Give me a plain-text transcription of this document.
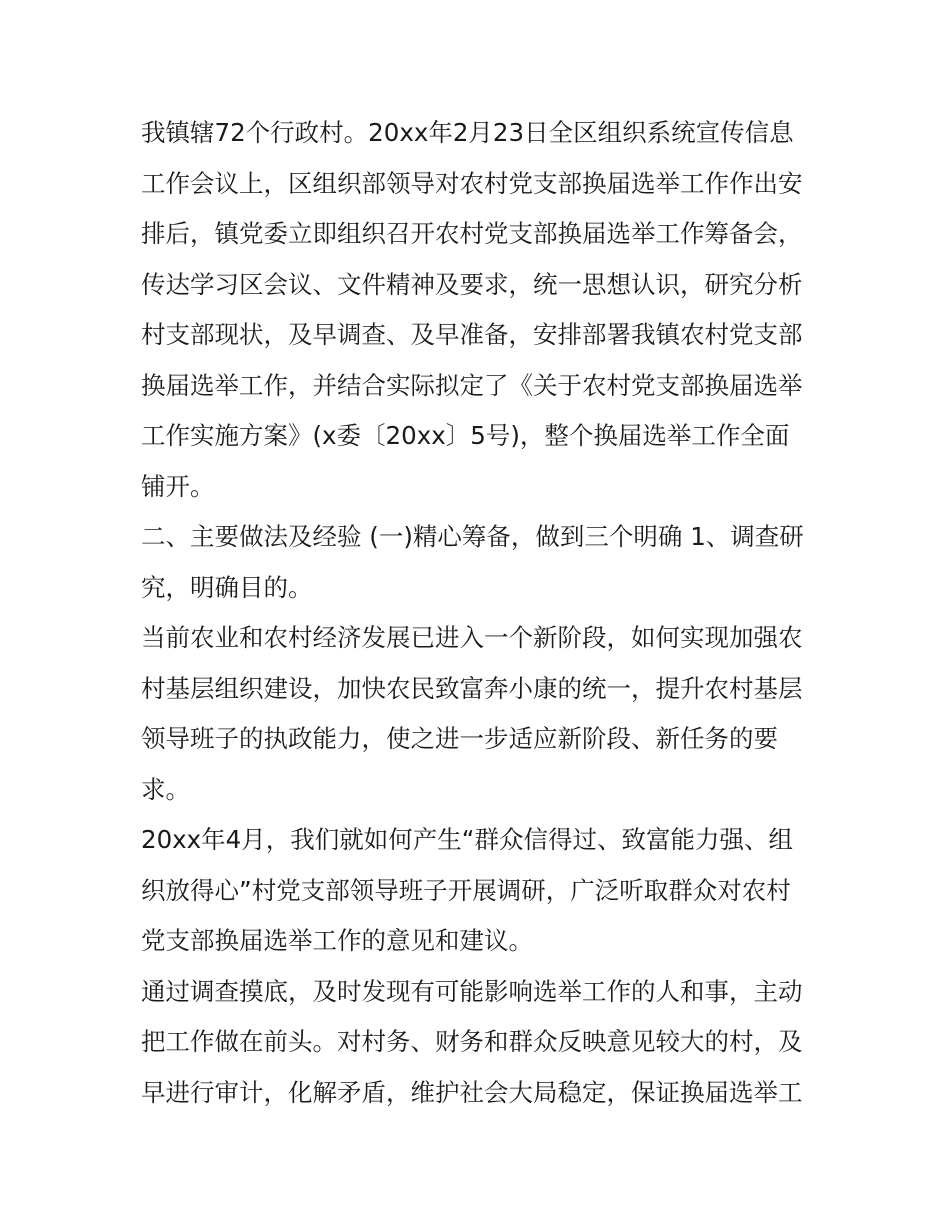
我镇辖72个行政村。20xx年2月23日全区组织系统宣传信息
工作会议上，区组织部领导对农村党支部换届选举工作作出安
排后，镇党委立即组织召开农村党支部换届选举工作筹备会，
传达学习区会议、文件精神及要求，统一思想认识，研究分析
村支部现状，及早调查、及早准备，安排部署我镇农村党支部
换届选举工作，并结合实际拟定了《关于农村党支部换届选举
工作实施方案》(x委〔20xx〕5号)，整个换届选举工作全面
铺开。
二、主要做法及经验 (一)精心筹备，做到三个明确 1、调查研
究，明确目的。
当前农业和农村经济发展已进入一个新阶段，如何实现加强农
村基层组织建设，加快农民致富奔小康的统一，提升农村基层
领导班子的执政能力，使之进一步适应新阶段、新任务的要
求。
20xx年4月，我们就如何产生“群众信得过、致富能力强、组
织放得心”村党支部领导班子开展调研，广泛听取群众对农村
党支部换届选举工作的意见和建议。
通过调查摸底，及时发现有可能影响选举工作的人和事，主动
把工作做在前头。对村务、财务和群众反映意见较大的村，及
早进行审计，化解矛盾，维护社会大局稳定，保证换届选举工
